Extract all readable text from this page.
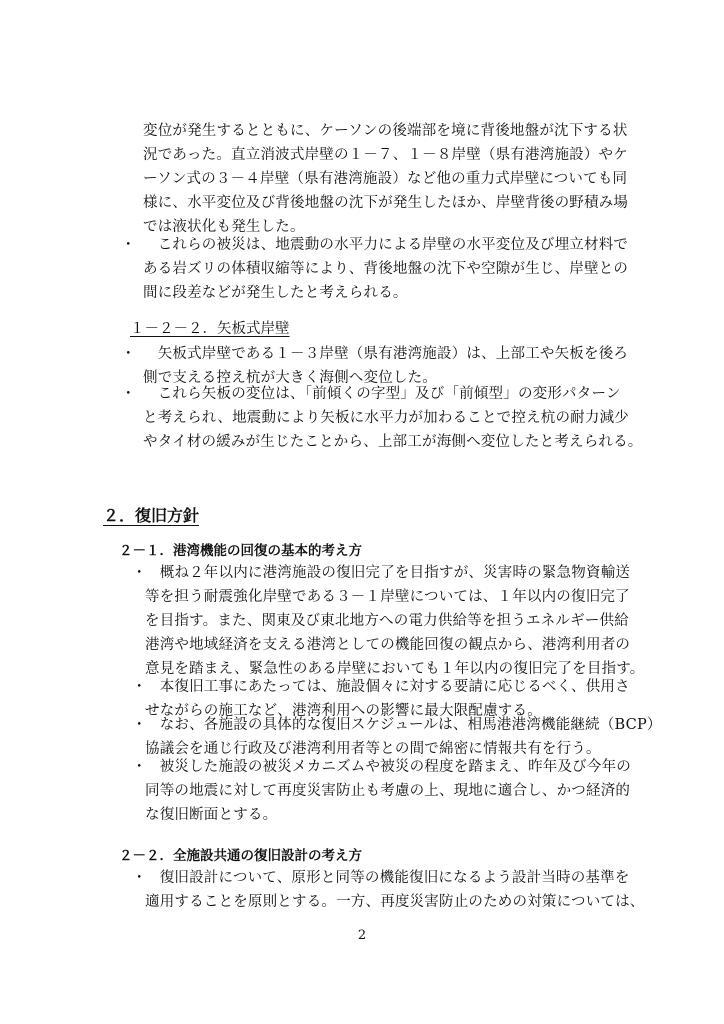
変位が発生するとともに、ケーソンの後端部を境に背後地盤が沈下する状
況であった。直立消波式岸壁の１－７、１－８岸壁（県有港湾施設）やケ
ーソン式の３－４岸壁（県有港湾施設）など他の重力式岸壁についても同
様に、水平変位及び背後地盤の沈下が発生したほか、岸壁背後の野積み場
では液状化も発生した。
・ 　これらの被災は、地震動の水平力による岸壁の水平変位及び埋立材料で
ある岩ズリの体積収縮等により、背後地盤の沈下や空隙が生じ、岸壁との
間に段差などが発生したと考えられる。
１－２－２．矢板式岸壁
・ 　矢板式岸壁である１－３岸壁（県有港湾施設）は、上部工や矢板を後ろ
側で支える控え杭が大きく海側へ変位した。
・ 　これら矢板の変位は、「前傾くの字型」及び「前傾型」の変形パターン
と考えられ、地震動により矢板に水平力が加わることで控え杭の耐力減少
やタイ材の緩みが生じたことから、上部工が海側へ変位したと考えられる。
２．復旧方針
２－１．港湾機能の回復の基本的考え方
・
　概ね２年以内に港湾施設の復旧完了を目指すが、災害時の緊急物資輸送
等を担う耐震強化岸壁である３－１岸壁については、１年以内の復旧完了
を目指す。また、関東及び東北地方への電力供給等を担うエネルギー供給
港湾や地域経済を支える港湾としての機能回復の観点から、港湾利用者の
意見を踏まえ、緊急性のある岸壁においても１年以内の復旧完了を目指す。
・
　本復旧工事にあたっては、施設個々に対する要請に応じるべく、供用さ
せながらの施工など、港湾利用への影響に最大限配慮する。
・
　なお、各施設の具体的な復旧スケジュールは、相馬港港湾機能継続（BCP）
協議会を通じ行政及び港湾利用者等との間で綿密に情報共有を行う。
・
　被災した施設の被災メカニズムや被災の程度を踏まえ、昨年及び今年の
同等の地震に対して再度災害防止も考慮の上、現地に適合し、かつ経済的
な復旧断面とする。
２－２．全施設共通の復旧設計の考え方
・
　復旧設計について、原形と同等の機能復旧になるよう設計当時の基準を
適用することを原則とする。一方、再度災害防止のための対策については、
2
